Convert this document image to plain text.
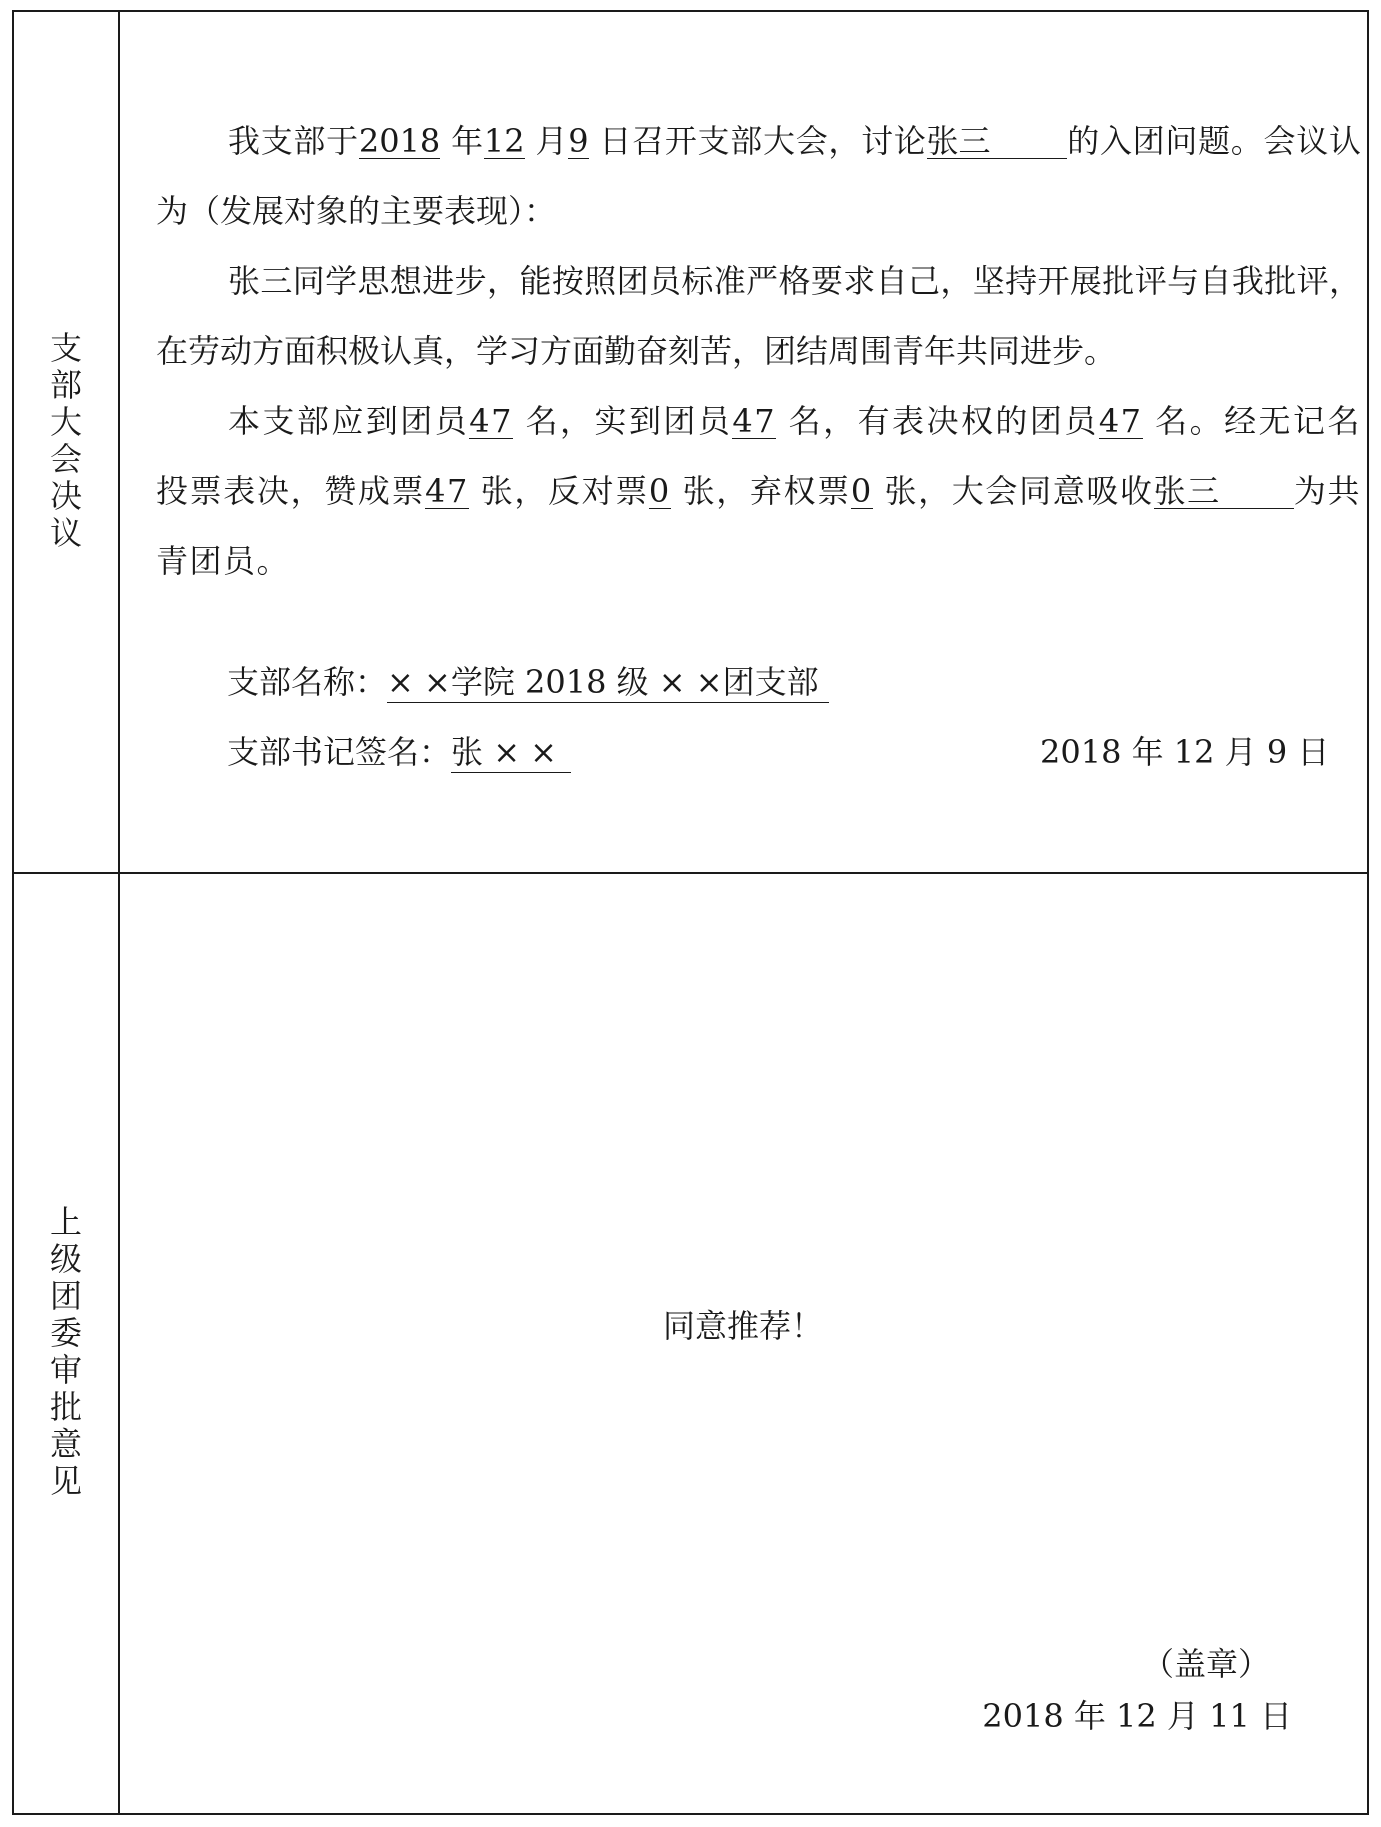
支
部
大
会
决
议
上
级
团
委
审
批
意
见

我支部于2018 年12 月9 日召开支部大会，讨论张三 的入团问题。会议认为（发展对象的主要表现）：

张三同学思想进步，能按照团员标准严格要求自己，坚持开展批评与自我批评，在劳动方面积极认真，学习方面勤奋刻苦，团结周围青年共同进步。

本支部应到团员47 名，实到团员47 名，有表决权的团员47 名。经无记名投票表决，赞成票47 张，反对票0 张，弃权票0 张，大会同意吸收张三 为共青团员。

支部名称：× ×学院 2018 级 × ×团支部
支部书记签名：张 × ×	2018 年 12 月 9 日
同意推荐！
（盖章）
2018 年 12 月 11 日
